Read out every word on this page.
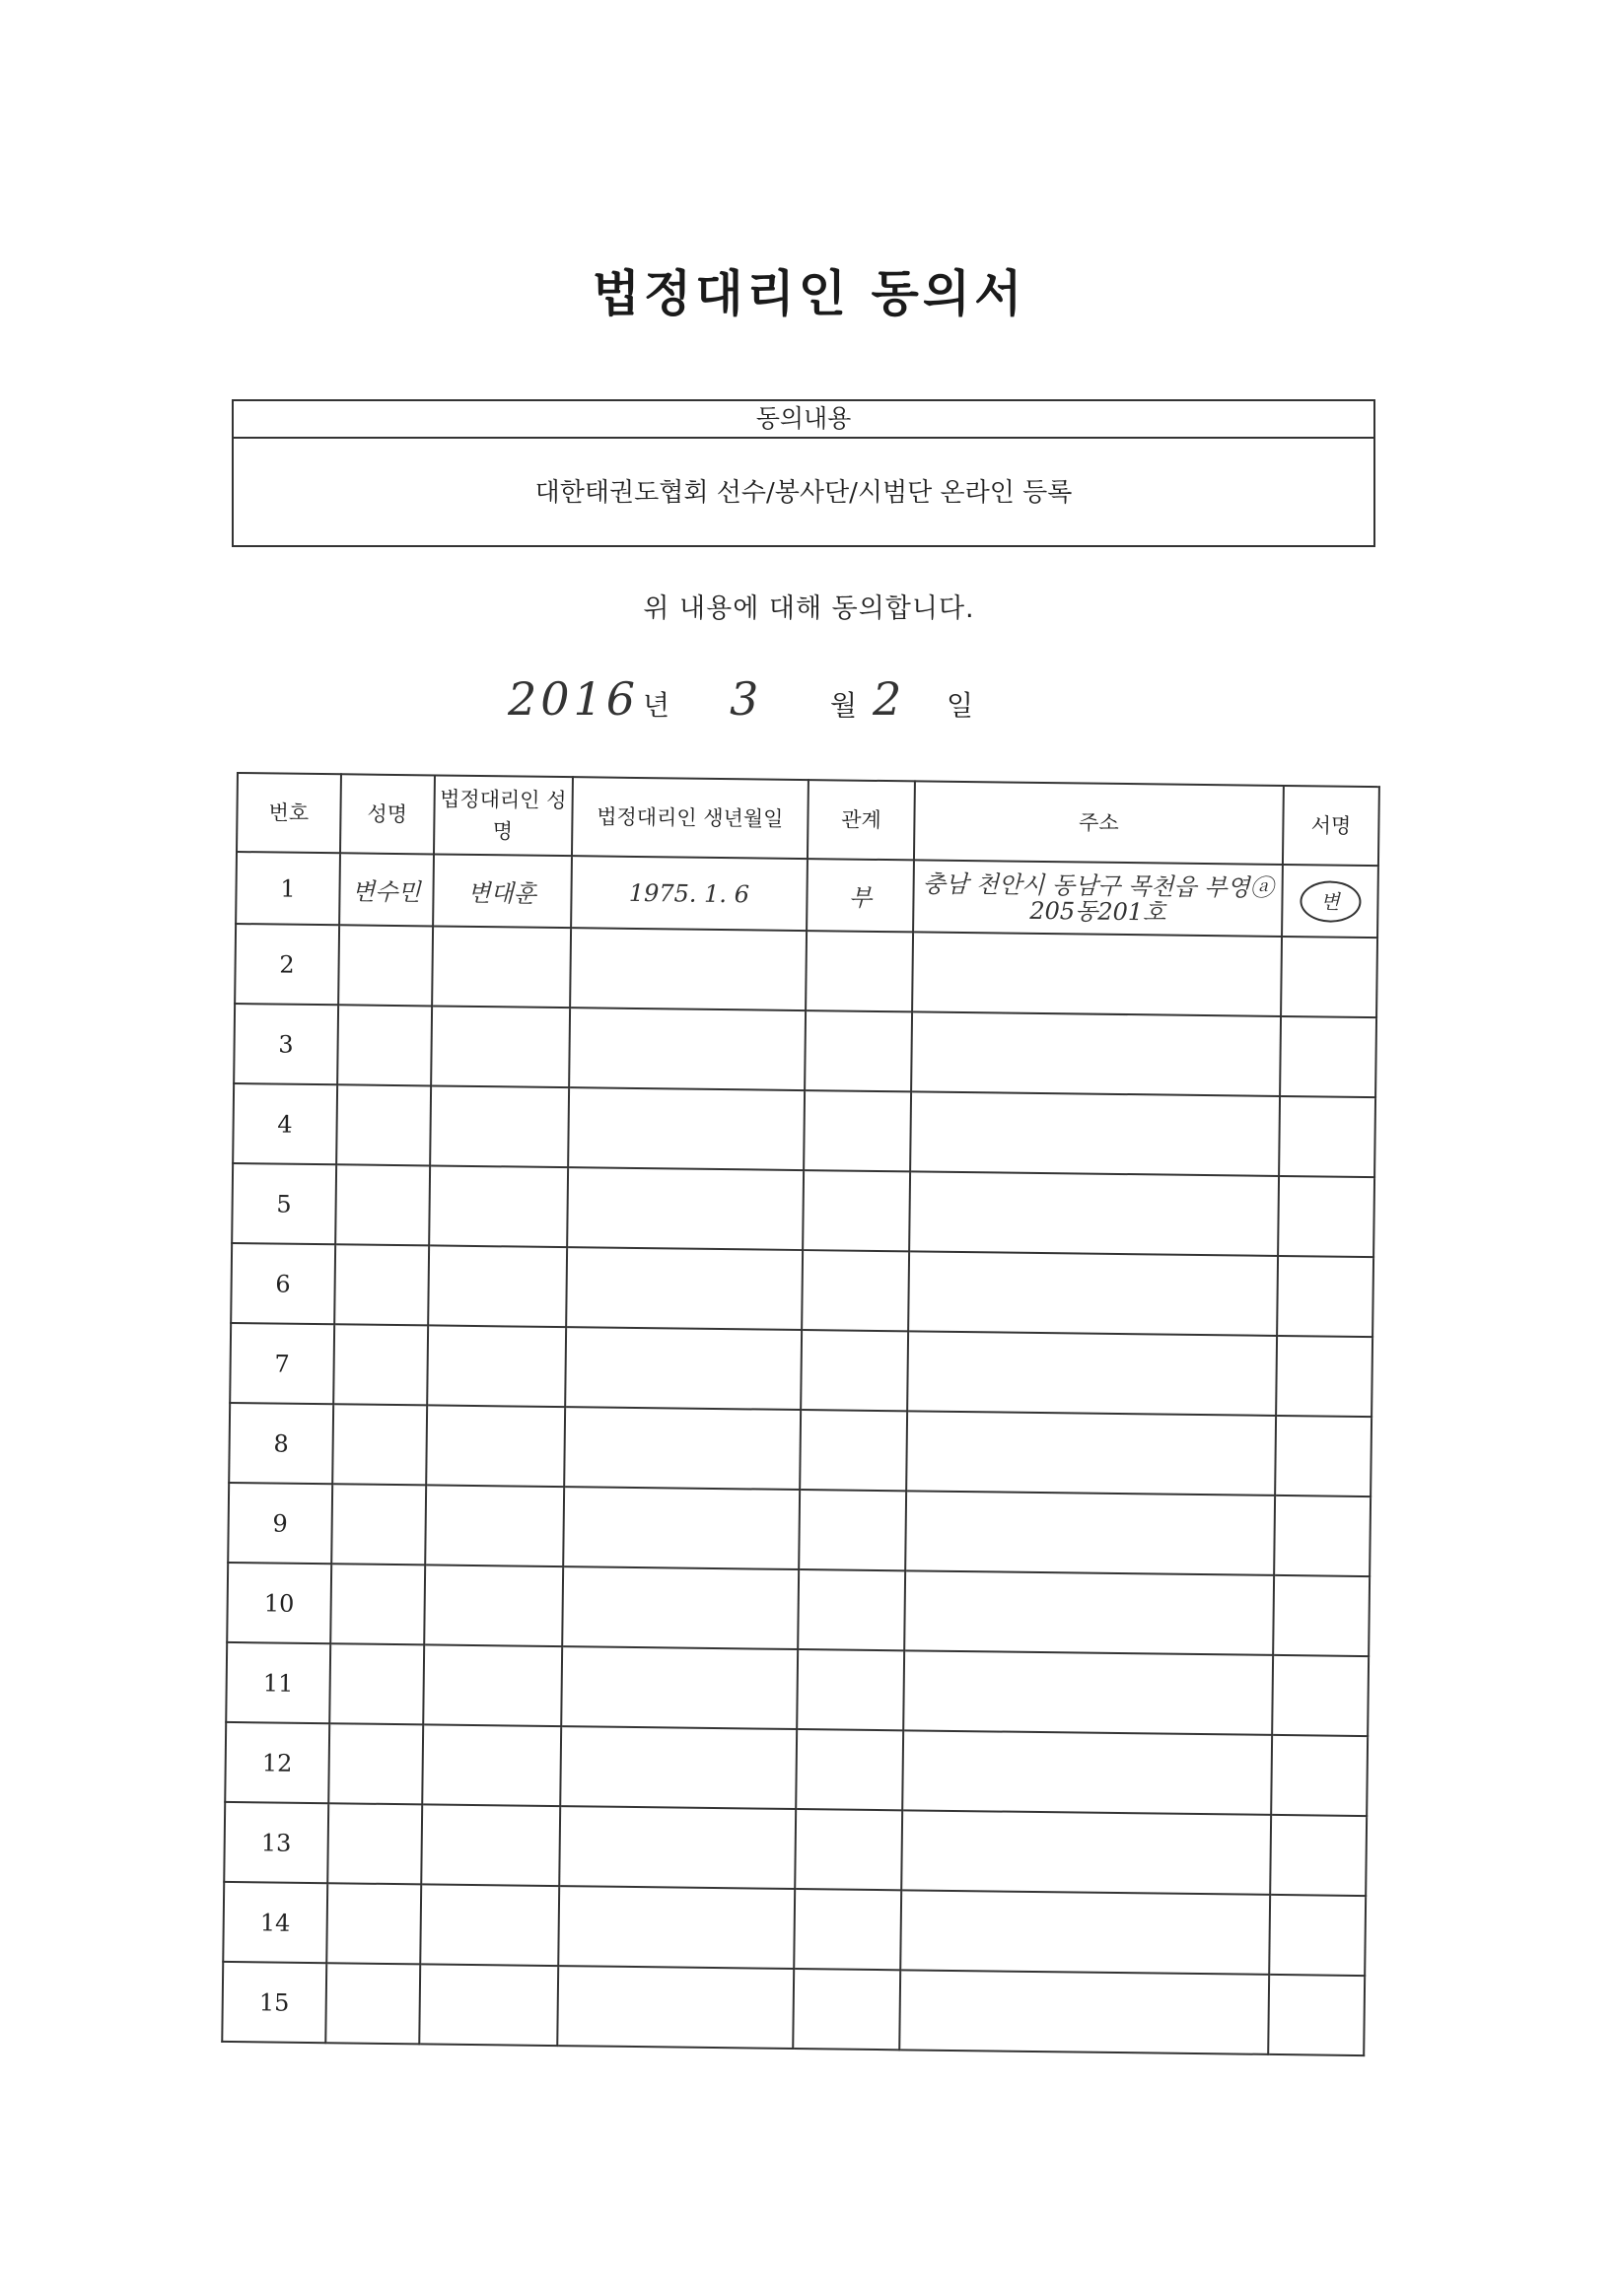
법정대리인 동의서
동의내용
대한태권도협회 선수/봉사단/시범단 온라인 등록
위 내용에 대해 동의합니다.
2016 년 3	월 2 일
번호	성명	법정대리인 성명	법정대리인 생년월일	관계	주소	서명
1	변수민	변대훈	1975. 1. 6	부	충남 천안시 동남구 목천읍 부영ⓐ 205동201호	변
2						
3						
4						
5						
6						
7						
8						
9						
10						
11						
12						
13						
14						
15						
